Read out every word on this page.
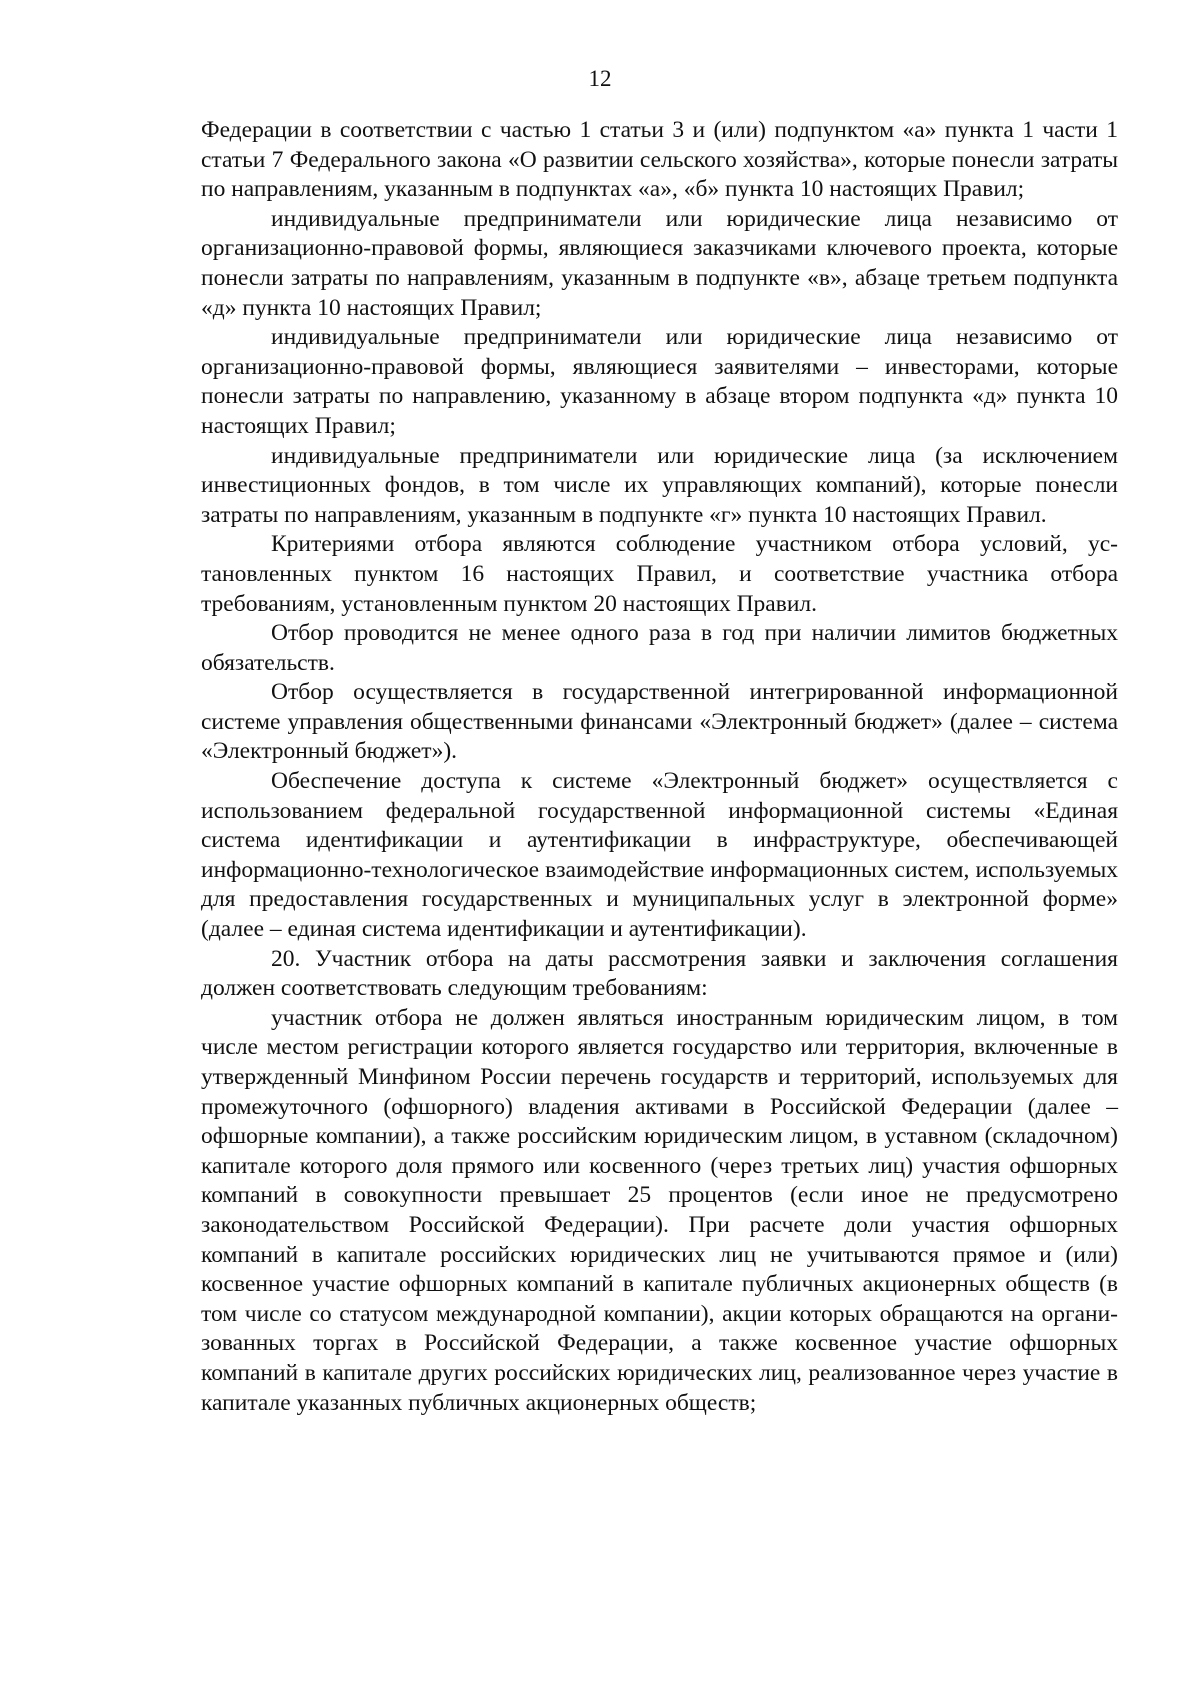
12

Федерации в соответствии с частью 1 статьи 3 и (или) подпунктом «а» пункта 1 части 1 статьи 7 Федерального закона «О развитии сельского хозяйства», которые понесли затраты по направлениям, указанным в подпунктах «а», «б» пункта 10 настоящих Правил;

индивидуальные предприниматели или юридические лица независимо от организационно-правовой формы, являющиеся заказчиками ключевого проекта, которые понесли затраты по направлениям, указанным в подпункте «в», абзаце третьем подпункта «д» пункта 10 настоящих Правил;

индивидуальные предприниматели или юридические лица независимо от организационно-правовой формы, являющиеся заявителями – инвесторами, которые понесли затраты по направлению, указанному в абзаце втором подпункта «д» пункта 10 настоящих Правил;

индивидуальные предприниматели или юридические лица (за исключением инвестиционных фондов, в том числе их управляющих компаний), которые понесли затраты по направлениям, указанным в подпункте «г» пункта 10 настоящих Правил.

Критериями отбора являются соблюдение участником отбора условий, установленных пунктом 16 настоящих Правил, и соответствие участника отбора требованиям, установленным пунктом 20 настоящих Правил.

Отбор проводится не менее одного раза в год при наличии лимитов бюджетных обязательств.

Отбор осуществляется в государственной интегрированной информационной системе управления общественными финансами «Электронный бюджет» (далее – система «Электронный бюджет»).

Обеспечение доступа к системе «Электронный бюджет» осуществляется с использованием федеральной государственной информационной системы «Единая система идентификации и аутентификации в инфраструктуре, обеспечивающей информационно-технологическое взаимодействие информационных систем, используемых для предоставления государственных и муниципальных услуг в электронной форме» (далее – единая система идентификации и аутентификации).

20. Участник отбора на даты рассмотрения заявки и заключения соглашения должен соответствовать следующим требованиям:

участник отбора не должен являться иностранным юридическим лицом, в том числе местом регистрации которого является государство или территория, включенные в утвержденный Минфином России перечень государств и территорий, используемых для промежуточного (офшорного) владения активами в Российской Федерации (далее – офшорные компании), а также российским юридическим лицом, в уставном (складочном) капитале которого доля прямого или косвенного (через третьих лиц) участия офшорных компаний в совокупности превышает 25 процентов (если иное не предусмотрено законодательством Российской Федерации). При расчете доли участия офшорных компаний в капитале российских юридических лиц не учитываются прямое и (или) косвенное участие офшорных компаний в капитале публичных акционерных обществ (в том числе со статусом международной компании), акции которых обращаются на организованных торгах в Российской Федерации, а также косвенное участие офшорных компаний в капитале других российских юридических лиц, реализованное через участие в капитале указанных публичных акционерных обществ;
